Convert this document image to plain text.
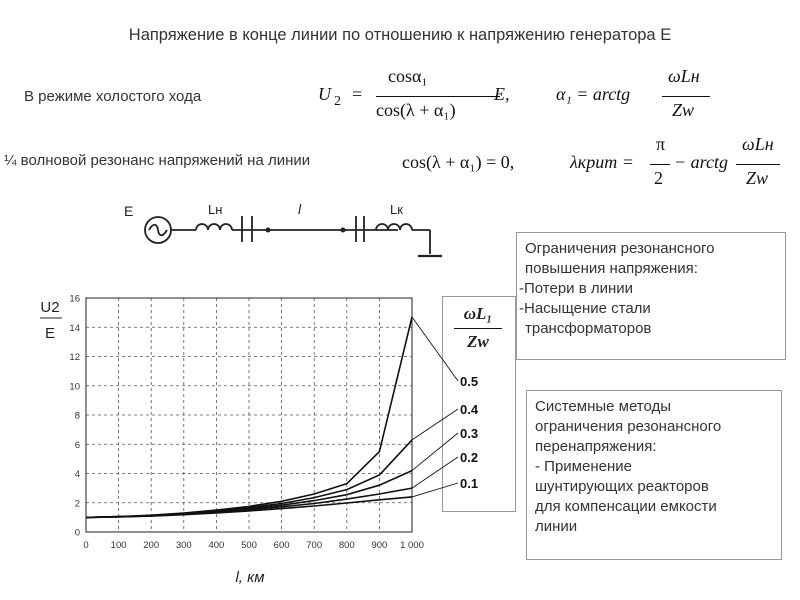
Напряжение в конце линии по отношению к напряжению генератора E
В режиме холостого хода	U 2 =
cosα₁
cos(λ + α₁)
E,	α₁ = arctg
ωLн
Zw
¼ волновой резонанс напряжений на линии	cos(λ + α₁) = 0,	λкрит =
π
2
− arctg
ωLн
Zw
E	Lн	l	Lк
Ограничения резонансного
повышения напряжения:
-Потери в линии
-Насыщение стали
трансформаторов
Системные методы
ограничения резонансного
перенапряжения:
- Применение
шунтирующих реакторов
для компенсации емкости
линии
ωL₁
Zw
0 100 200 300 400 500 600 700 800 900 1 000
0
2
4
6
8
10
12
14
16
0.5
0.4
0.3
0.2
0.1
U2
E
l, км
